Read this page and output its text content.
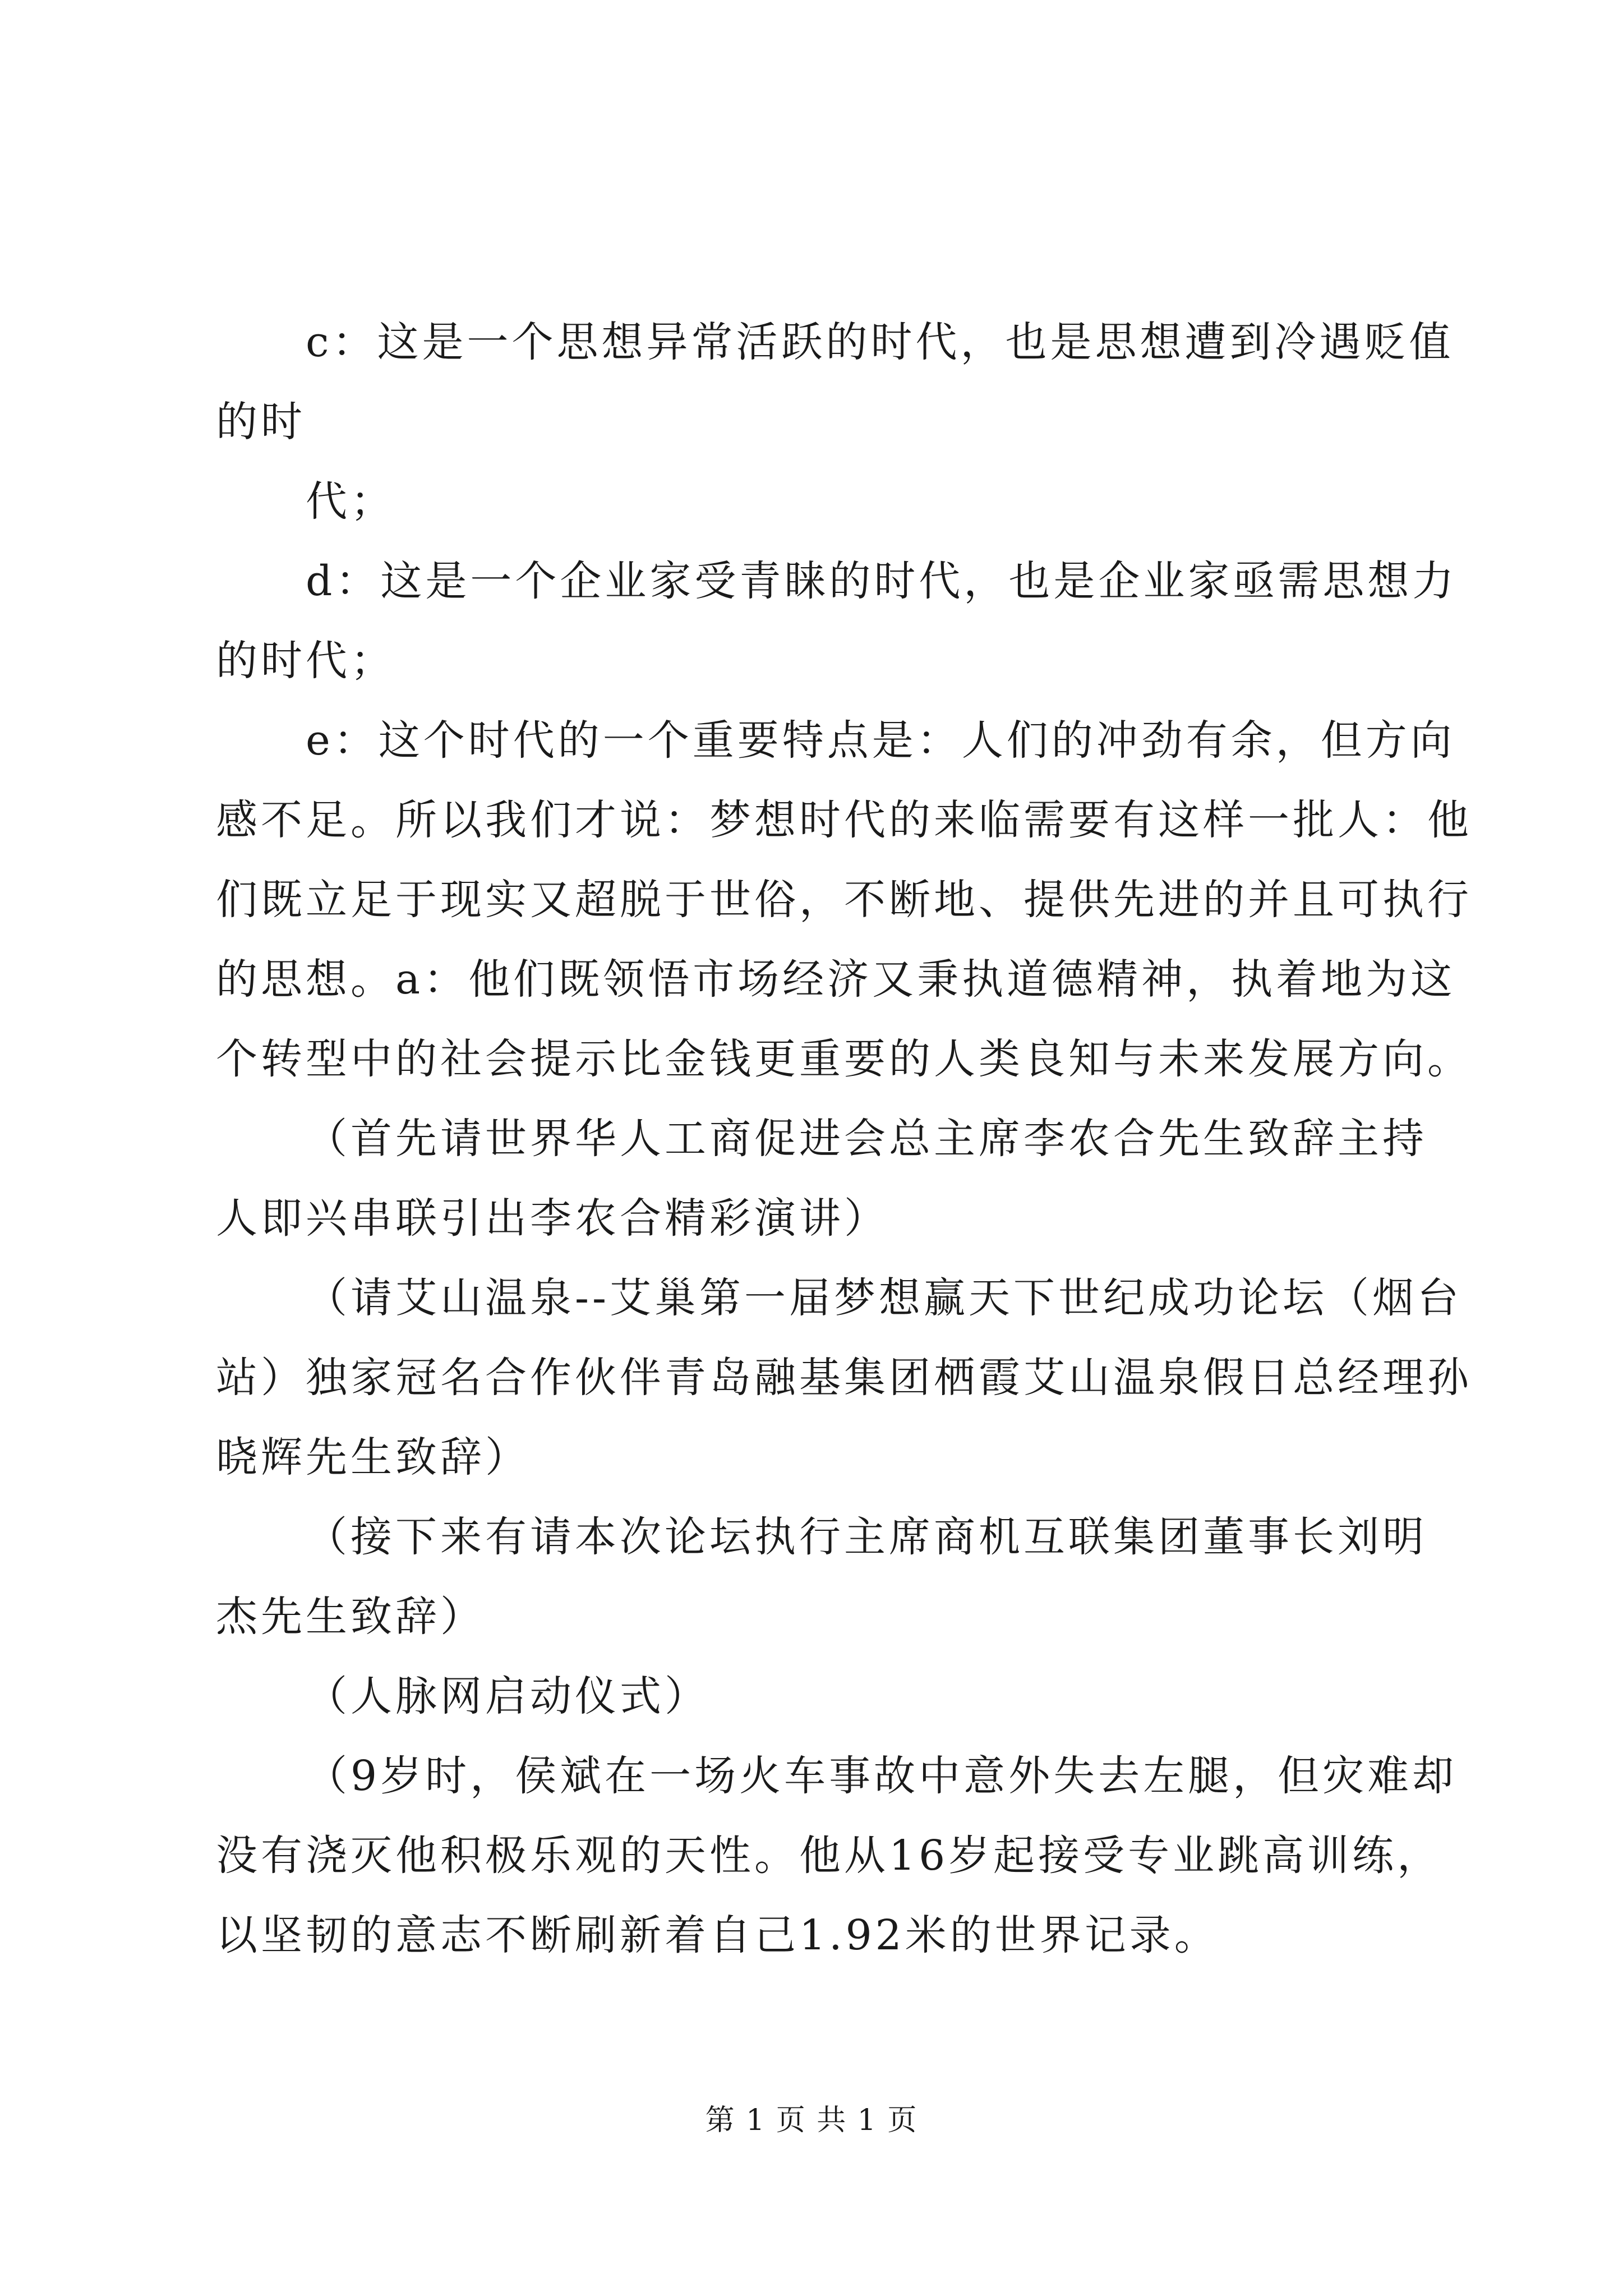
c：这是一个思想异常活跃的时代，也是思想遭到冷遇贬值
的时
代；
d：这是一个企业家受青睐的时代，也是企业家亟需思想力
的时代；
e：这个时代的一个重要特点是：人们的冲劲有余，但方向
感不足。所以我们才说：梦想时代的来临需要有这样一批人：他
们既立足于现实又超脱于世俗，不断地、提供先进的并且可执行
的思想。a：他们既领悟市场经济又秉执道德精神，执着地为这
个转型中的社会提示比金钱更重要的人类良知与未来发展方向。
（首先请世界华人工商促进会总主席李农合先生致辞主持
人即兴串联引出李农合精彩演讲）
（请艾山温泉--艾巢第一届梦想赢天下世纪成功论坛（烟台
站）独家冠名合作伙伴青岛融基集团栖霞艾山温泉假日总经理孙
晓辉先生致辞）
（接下来有请本次论坛执行主席商机互联集团董事长刘明
杰先生致辞）
（人脉网启动仪式）
（9岁时，侯斌在一场火车事故中意外失去左腿，但灾难却
没有浇灭他积极乐观的天性。他从16岁起接受专业跳高训练，
以坚韧的意志不断刷新着自己1.92米的世界记录。
第 1 页 共 1 页
